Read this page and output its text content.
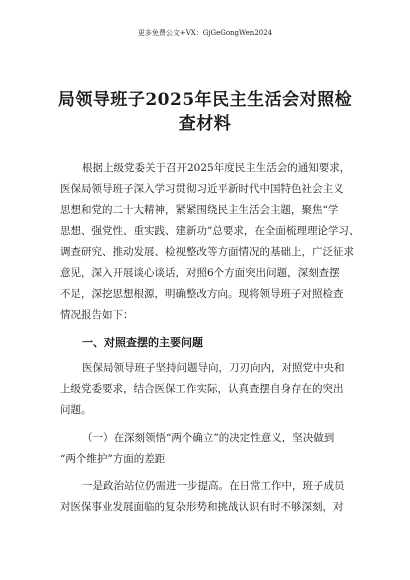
更多免费公文+VX：GjGeGongWen2024
局领导班子2025年民主生活会对照检
查材料
根据上级党委关于召开2025年度民主生活会的通知要求，
医保局领导班子深入学习贯彻习近平新时代中国特色社会主义
思想和党的二十大精神，紧紧围绕民主生活会主题，聚焦“学
思想、强党性、重实践、建新功”总要求，在全面梳理理论学习、
调查研究、推动发展、检视整改等方面情况的基础上，广泛征求
意见，深入开展谈心谈话，对照6个方面突出问题，深刻查摆
不足，深挖思想根源，明确整改方向。现将领导班子对照检查
情况报告如下：
一、对照查摆的主要问题
医保局领导班子坚持问题导向，刀刃向内，对照党中央和
上级党委要求，结合医保工作实际，认真查摆自身存在的突出
问题。
（一）在深刻领悟“两个确立”的决定性意义，坚决做到
“两个维护”方面的差距
一是政治站位仍需进一步提高。在日常工作中，班子成员
对医保事业发展面临的复杂形势和挑战认识有时不够深刻，对
